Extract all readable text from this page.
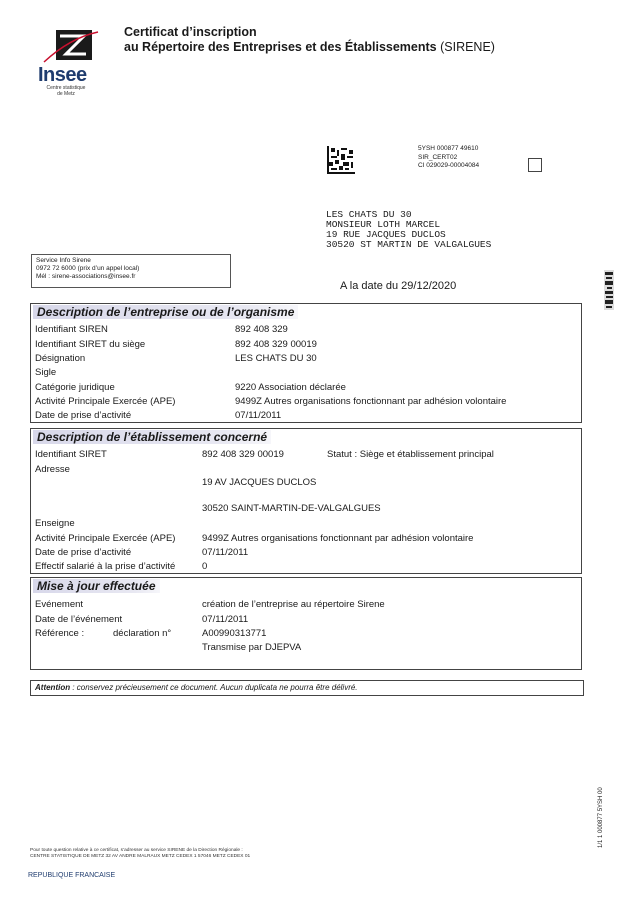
Insee
Centre statistique
de Metz
Certificat d’inscription
au Répertoire des Entreprises et des Établissements (SIRENE)
5YSH 000877 49610
SIR_CERT02
CI 029029-00004084
LES CHATS DU 30
MONSIEUR LOTH MARCEL
19 RUE JACQUES DUCLOS
30520 ST MARTIN DE VALGALGUES
Service Info Sirene
0972 72 6000 (prix d’un appel local)
Mél : sirene-associations@insee.fr
A la date du 29/12/2020
Description de l’entreprise ou de l’organisme
Identifiant SIREN	892 408 329
Identifiant SIRET du siège	892 408 329 00019
Désignation	LES CHATS DU 30
Sigle
Catégorie juridique	9220 Association déclarée
Activité Principale Exercée (APE)	9499Z Autres organisations fonctionnant par adhésion volontaire
Date de prise d’activité	07/11/2011
Description de l’établissement concerné
Identifiant SIRET	892 408 329 00019	Statut : Siège et établissement principal
Adresse
19 AV JACQUES DUCLOS
30520 SAINT-MARTIN-DE-VALGALGUES
Enseigne
Activité Principale Exercée (APE)	9499Z Autres organisations fonctionnant par adhésion volontaire
Date de prise d’activité	07/11/2011
Effectif salarié à la prise d’activité	0
Mise à jour effectuée
Evénement	création de l’entreprise au répertoire Sirene
Date de l’événement	07/11/2011
Référence :	déclaration n°	A00990313771
Transmise par DJEPVA
Attention : conservez précieusement ce document. Aucun duplicata ne pourra être délivré.
Pour toute question relative à ce certificat, s’adresser au service SIRENE de la Direction Régionale :
CENTRE STATISTIQUE DE METZ 32 AV ANDRE MALRAUX METZ CEDEX 1 57046 METZ CEDEX 01
REPUBLIQUE FRANCAISE
1/1 1 000877 5YSH 00
